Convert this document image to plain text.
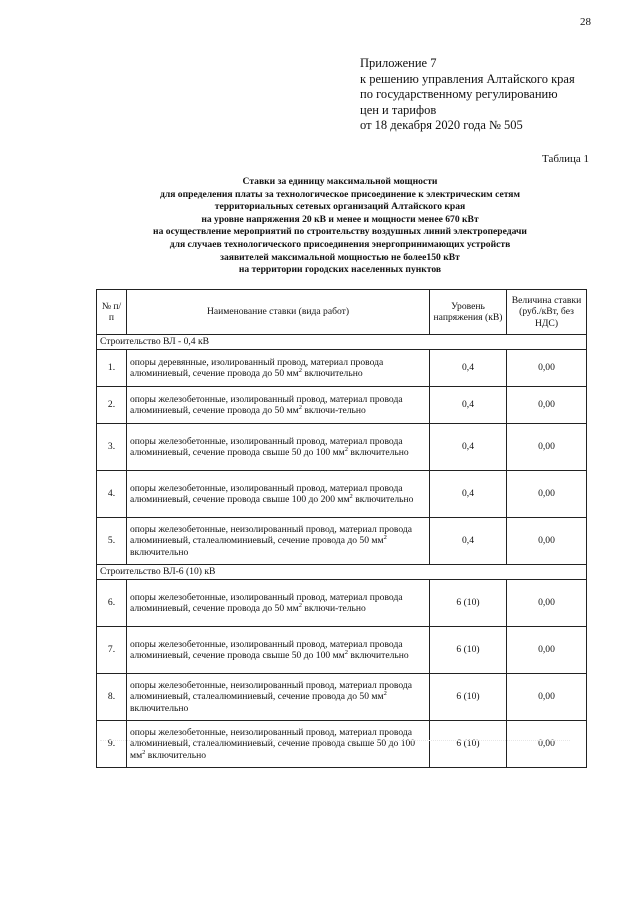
28
Приложение 7
к решению управления Алтайского края
по государственному регулированию
цен и тарифов
от 18 декабря 2020 года № 505
Таблица 1
Ставки за единицу максимальной мощности
для определения платы за технологическое присоединение к электрическим сетям
территориальных сетевых организаций Алтайского края
на уровне напряжения 20 кВ и менее и мощности менее 670 кВт
на осуществление мероприятий по строительству воздушных линий электропередачи
для случаев технологического присоединения энергопринимающих устройств
заявителей максимальной мощностью не более150 кВт
на территории городских населенных пунктов
№ п/п	Наименование ставки (вида работ)	Уровень напряжения (кВ)	Величина ставки (руб./кВт, без НДС)
Строительство ВЛ - 0,4 кВ			
1.	опоры деревянные, изолированный провод, материал провода алюминиевый, сечение провода до 50 $мм^2$ включительно	0,4	0,00
2.	опоры железобетонные, изолированный провод, материал провода алюминиевый, сечение провода до 50 $мм^2$ включи-тельно	0,4	0,00
3.	опоры железобетонные, изолированный провод, материал провода алюминиевый, сечение провода свыше 50 до 100 $мм^2$ включительно	0,4	0,00
4.	опоры железобетонные, изолированный провод, материал провода алюминиевый, сечение провода свыше 100 до 200 $мм^2$ включительно	0,4	0,00
5.	опоры железобетонные, неизолированный провод, материал провода алюминиевый, сталеалюминиевый, сечение провода до 50 $мм^2$ включительно	0,4	0,00
Строительство ВЛ-6 (10) кВ			
6.	опоры железобетонные, изолированный провод, материал провода алюминиевый, сечение провода до 50 $мм^2$ включи-тельно	6 (10)	0,00
7.	опоры железобетонные, изолированный провод, материал провода алюминиевый, сечение провода свыше 50 до 100 $мм^2$ включительно	6 (10)	0,00
8.	опоры железобетонные, неизолированный провод, материал провода алюминиевый, сталеалюминиевый, сечение провода до 50 $мм^2$ включительно	6 (10)	0,00
9.	опоры железобетонные, неизолированный провод, материал провода алюминиевый, сталеалюминиевый, сечение провода свыше 50 до 100 $мм^2$ включительно	6 (10)	0,00
